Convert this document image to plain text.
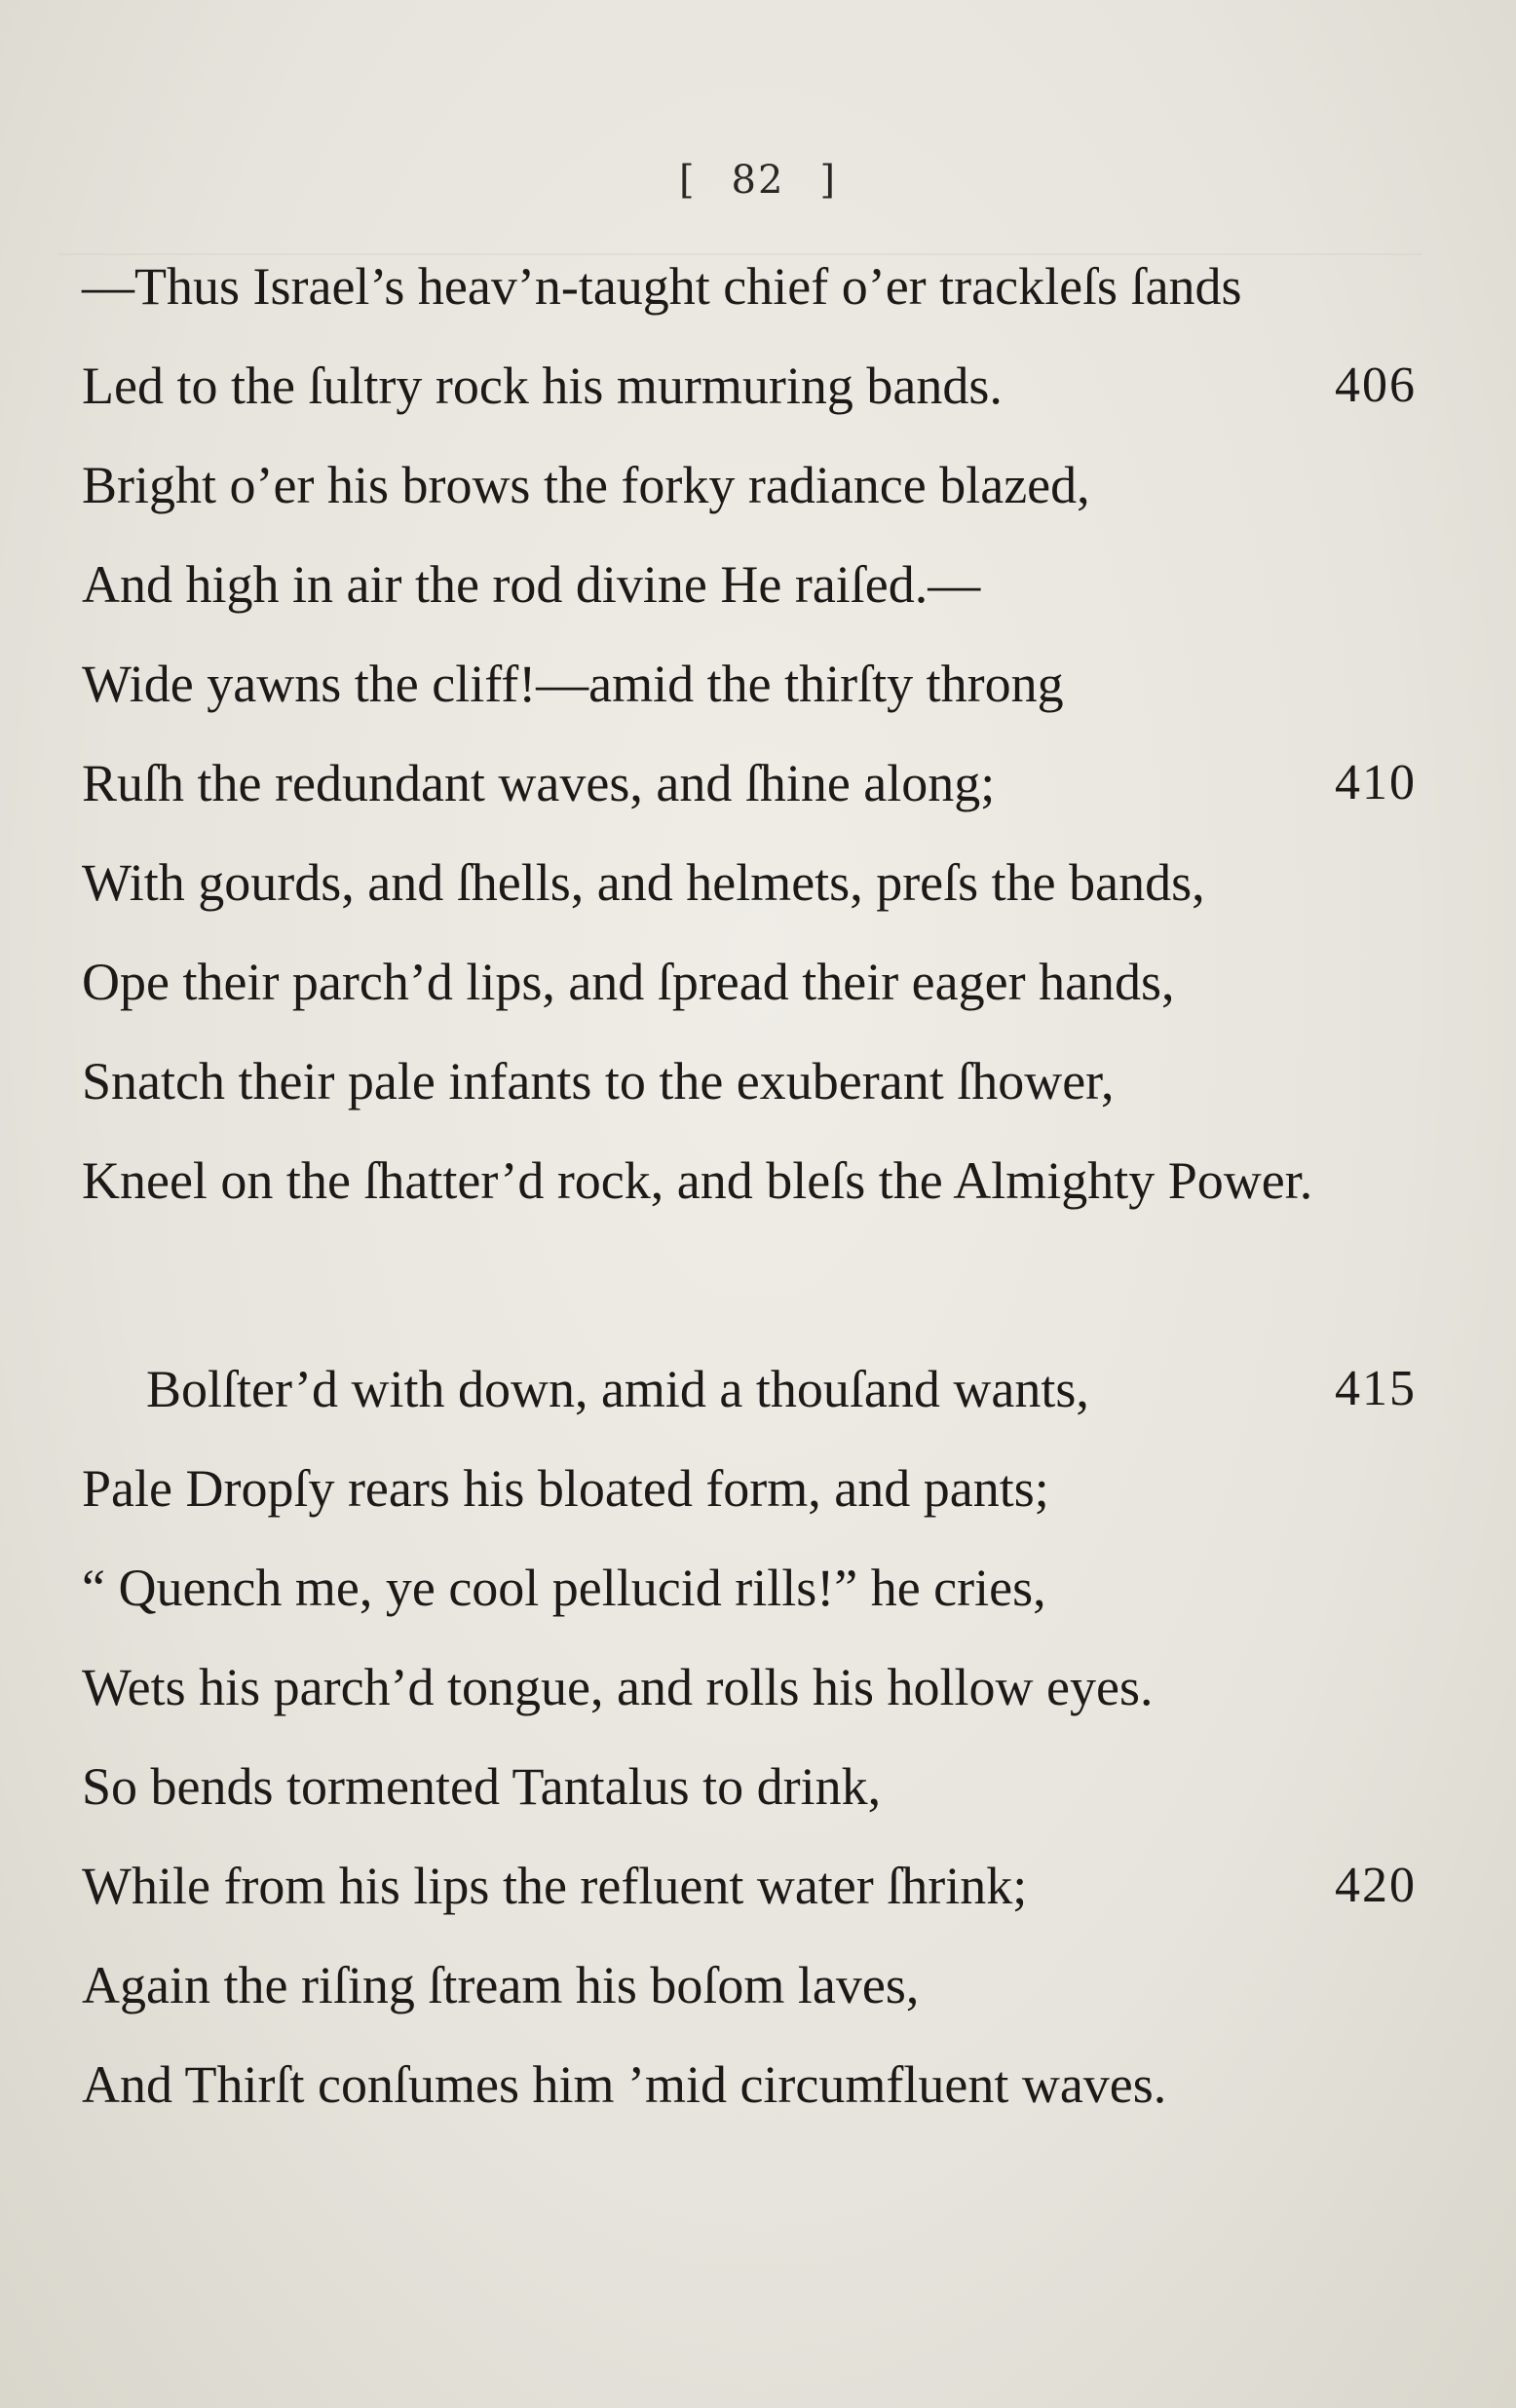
[ 82 ]
—Thus Israel’s heav’n-taught chief o’er trackleſs ſands
Led to the ſultry rock his murmuring bands.	406
Bright o’er his brows the forky radiance blazed,
And high in air the rod divine He raiſed.—
Wide yawns the cliff!—amid the thirſty throng
Ruſh the redundant waves, and ſhine along;	410
With gourds, and ſhells, and helmets, preſs the bands,
Ope their parch’d lips, and ſpread their eager hands,
Snatch their pale infants to the exuberant ſhower,
Kneel on the ſhatter’d rock, and bleſs the Almighty Power.
Bolſter’d with down, amid a thouſand wants,	415
Pale Dropſy rears his bloated form, and pants;
“ Quench me, ye cool pellucid rills!” he cries,
Wets his parch’d tongue, and rolls his hollow eyes.
So bends tormented Tantalus to drink,
While from his lips the refluent water ſhrink;	420
Again the riſing ſtream his boſom laves,
And Thirſt conſumes him ’mid circumfluent waves.
